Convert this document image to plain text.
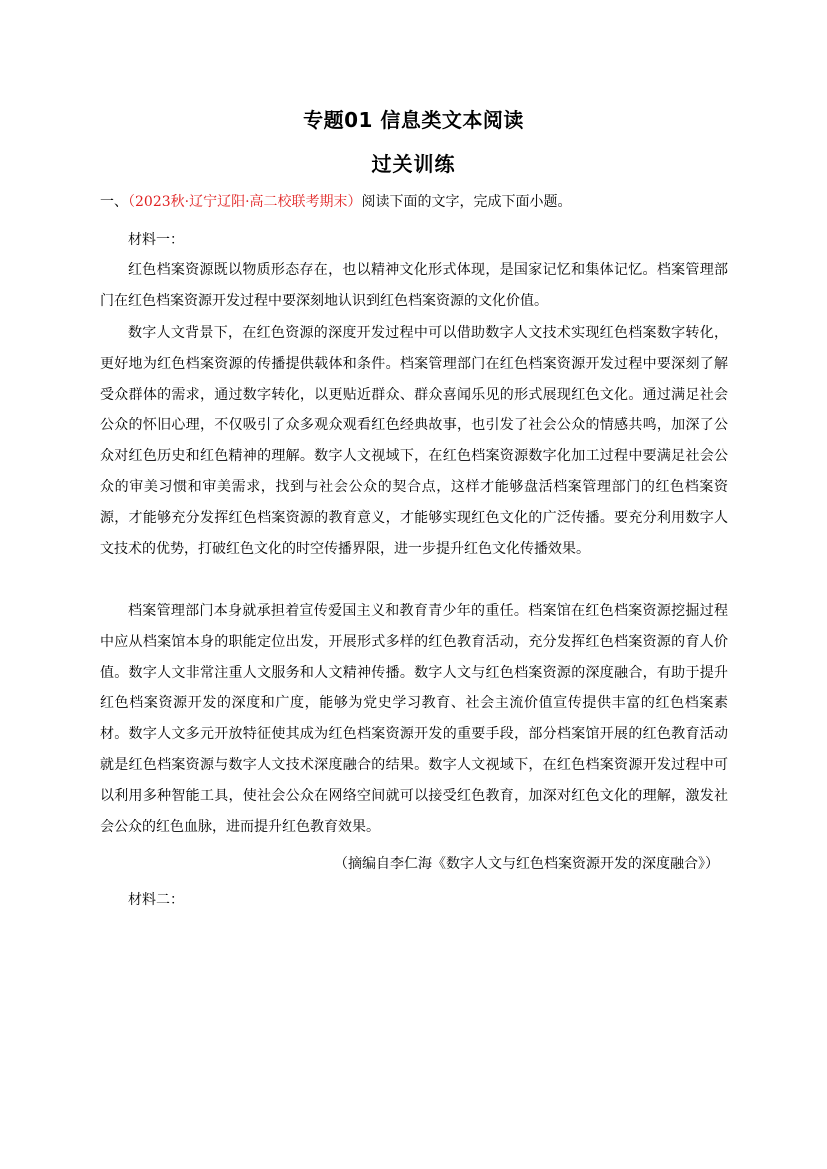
专题01 信息类文本阅读
过关训练
一、（2023秋·辽宁辽阳·高二校联考期末）阅读下面的文字，完成下面小题。
材料一：

红色档案资源既以物质形态存在，也以精神文化形式体现，是国家记忆和集体记忆。档案管理部门在红色档案资源开发过程中要深刻地认识到红色档案资源的文化价值。

数字人文背景下，在红色资源的深度开发过程中可以借助数字人文技术实现红色档案数字转化，更好地为红色档案资源的传播提供载体和条件。档案管理部门在红色档案资源开发过程中要深刻了解受众群体的需求，通过数字转化，以更贴近群众、群众喜闻乐见的形式展现红色文化。通过满足社会公众的怀旧心理，不仅吸引了众多观众观看红色经典故事，也引发了社会公众的情感共鸣，加深了公众对红色历史和红色精神的理解。数字人文视域下，在红色档案资源数字化加工过程中要满足社会公众的审美习惯和审美需求，找到与社会公众的契合点，这样才能够盘活档案管理部门的红色档案资源，才能够充分发挥红色档案资源的教育意义，才能够实现红色文化的广泛传播。要充分利用数字人文技术的优势，打破红色文化的时空传播界限，进一步提升红色文化传播效果。

档案管理部门本身就承担着宣传爱国主义和教育青少年的重任。档案馆在红色档案资源挖掘过程中应从档案馆本身的职能定位出发，开展形式多样的红色教育活动，充分发挥红色档案资源的育人价值。数字人文非常注重人文服务和人文精神传播。数字人文与红色档案资源的深度融合，有助于提升红色档案资源开发的深度和广度，能够为党史学习教育、社会主流价值宣传提供丰富的红色档案素材。数字人文多元开放特征使其成为红色档案资源开发的重要手段，部分档案馆开展的红色教育活动就是红色档案资源与数字人文技术深度融合的结果。数字人文视域下，在红色档案资源开发过程中可以利用多种智能工具，使社会公众在网络空间就可以接受红色教育，加深对红色文化的理解，激发社会公众的红色血脉，进而提升红色教育效果。

（摘编自李仁海《数字人文与红色档案资源开发的深度融合》）
材料二：
